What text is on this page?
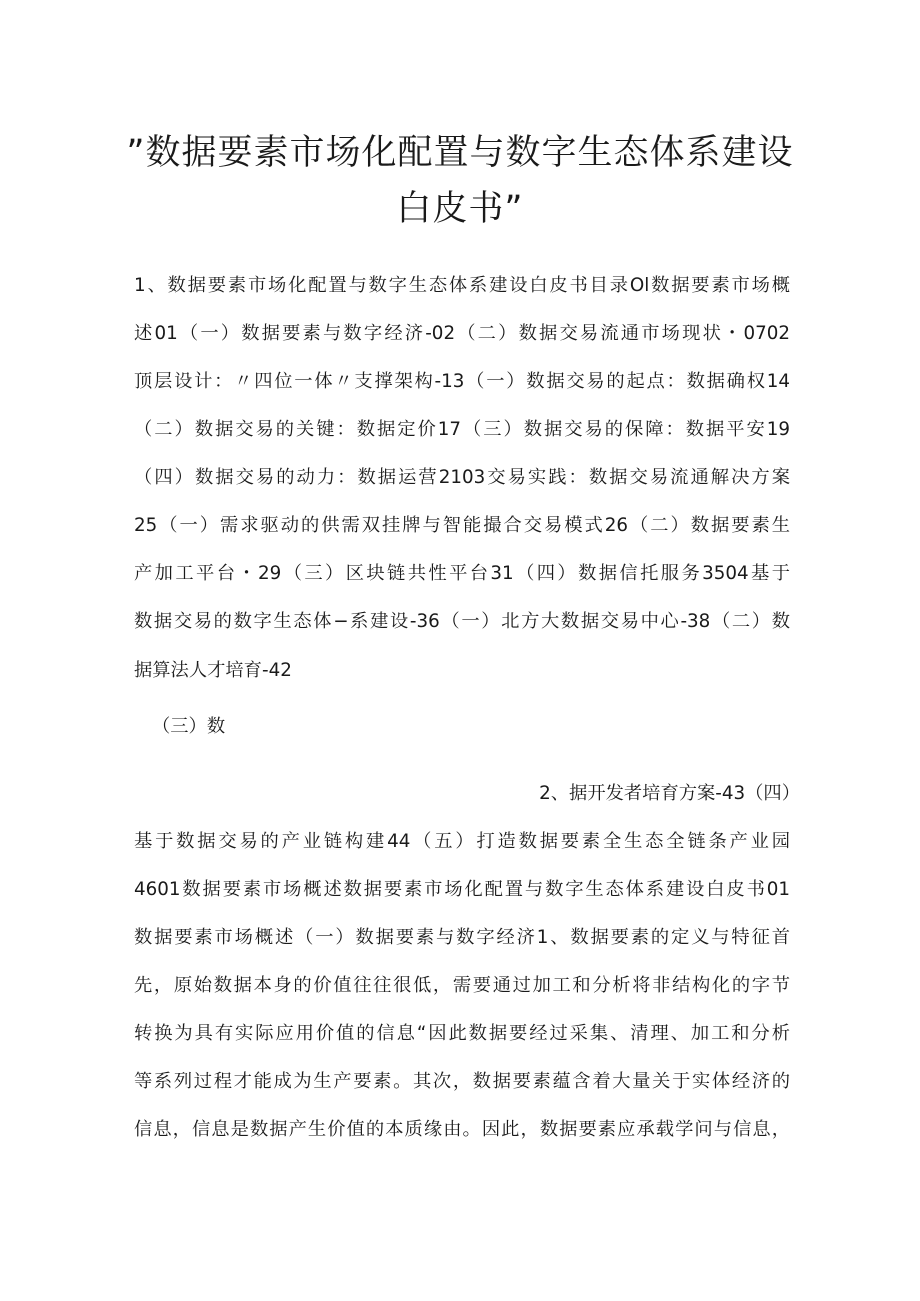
”数据要素市场化配置与数字生态体系建设
白皮书”
1、数据要素市场化配置与数字生态体系建设白皮书目录Ol数据要素市场概
述01（一）数据要素与数字经济-02（二）数据交易流通市场现状・0702
顶层设计：〃四位一体〃支撑架构-13（一）数据交易的起点：数据确权14
（二）数据交易的关键：数据定价17（三）数据交易的保障：数据平安19
（四）数据交易的动力：数据运营2103交易实践：数据交易流通解决方案
25（一）需求驱动的供需双挂牌与智能撮合交易模式26（二）数据要素生
产加工平台・29（三）区块链共性平台31（四）数据信托服务3504基于
数据交易的数字生态体−系建设-36（一）北方大数据交易中心-38（二）数
据算法人才培育-42
（三）数
2、据开发者培育方案-43（四）
基于数据交易的产业链构建44（五）打造数据要素全生态全链条产业园
4601数据要素市场概述数据要素市场化配置与数字生态体系建设白皮书01
数据要素市场概述（一）数据要素与数字经济1、数据要素的定义与特征首
先，原始数据本身的价值往往很低，需要通过加工和分析将非结构化的字节
转换为具有实际应用价值的信息“因此数据要经过采集、清理、加工和分析
等系列过程才能成为生产要素。其次，数据要素蕴含着大量关于实体经济的
信息，信息是数据产生价值的本质缘由。因此，数据要素应承载学问与信息，
